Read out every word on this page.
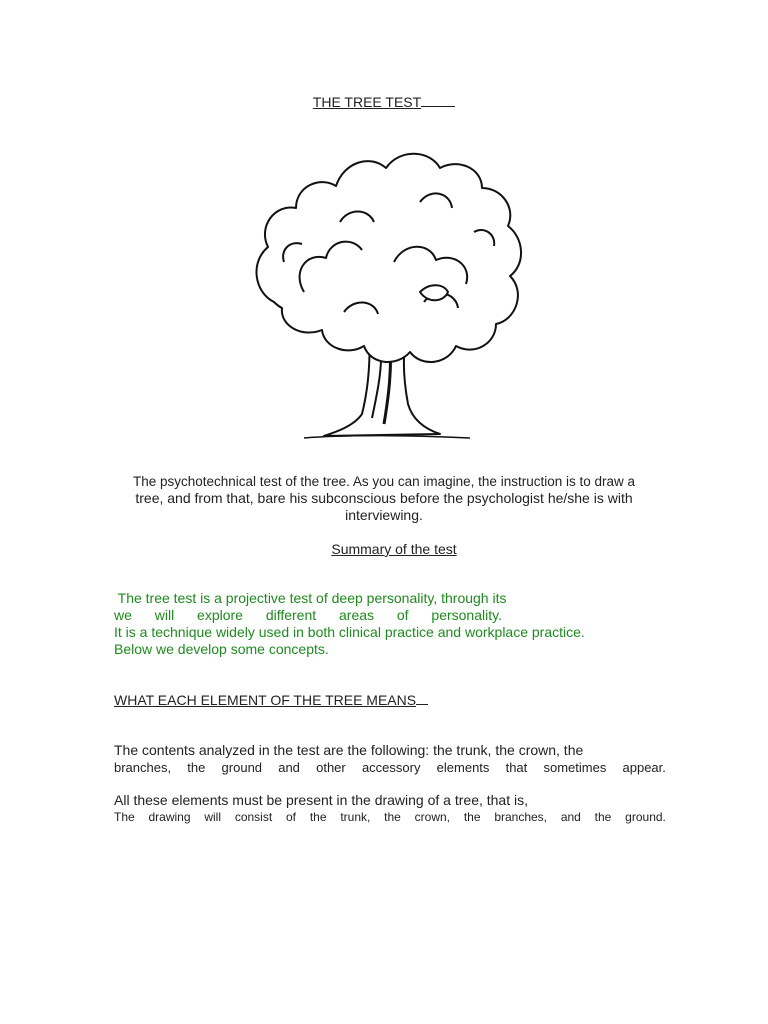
THE TREE TEST
The psychotechnical test of the tree. As you can imagine, the instruction is to draw a
tree, and from that, bare his subconscious before the psychologist he/she is with
interviewing.
Summary of the test
The tree test is a projective test of deep personality, through its
we will explore different areas of personality.
It is a technique widely used in both clinical practice and workplace practice.
Below we develop some concepts.
WHAT EACH ELEMENT OF THE TREE MEANS
The contents analyzed in the test are the following: the trunk, the crown, the
branches, the ground and other accessory elements that sometimes appear.
All these elements must be present in the drawing of a tree, that is,
The drawing will consist of the trunk, the crown, the branches, and the ground.
